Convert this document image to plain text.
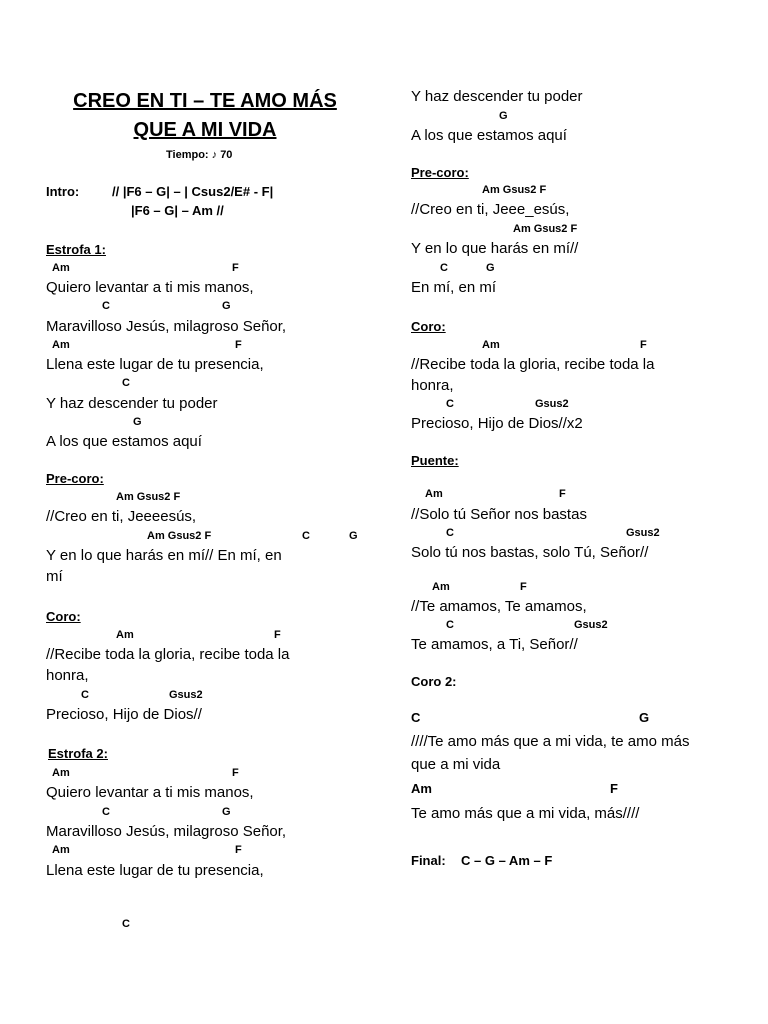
CREO EN TI – TE AMO MÁS
QUE A MI VIDA
Tiempo: ♪ 70
Intro:	// |F6 – G| – | Csus2/E# - F|
|F6 – G| – Am //
Estrofa 1:
Am	F
Quiero levantar a ti mis manos,
C	G
Maravilloso Jesús, milagroso Señor,
Am	F
Llena este lugar de tu presencia,
C
Y haz descender tu poder
G
A los que estamos aquí
Pre-coro:
Am Gsus2 F
//Creo en ti, Jeeeesús,
Am Gsus2 F	C	G
Y en lo que harás en mí// En mí, en
mí
Coro:
Am	F
//Recibe toda la gloria, recibe toda la
honra,
C	Gsus2
Precioso, Hijo de Dios//
Estrofa 2:
Am	F
Quiero levantar a ti mis manos,
C	G
Maravilloso Jesús, milagroso Señor,
Am	F
Llena este lugar de tu presencia,
C
Y haz descender tu poder
G
A los que estamos aquí
Pre-coro:
Am Gsus2 F
//Creo en ti, Jeee_esús,
Am Gsus2 F
Y en lo que harás en mí//
C	G
En mí, en mí
Coro:
Am	F
//Recibe toda la gloria, recibe toda la
honra,
C	Gsus2
Precioso, Hijo de Dios//x2
Puente:
Am	F
//Solo tú Señor nos bastas
C	Gsus2
Solo tú nos bastas, solo Tú, Señor//
Am	F
//Te amamos, Te amamos,
C	Gsus2
Te amamos, a Ti, Señor//
Coro 2:
C	G
////Te amo más que a mi vida, te amo más
que a mi vida
Am	F
Te amo más que a mi vida, más////
Final: C – G – Am – F
